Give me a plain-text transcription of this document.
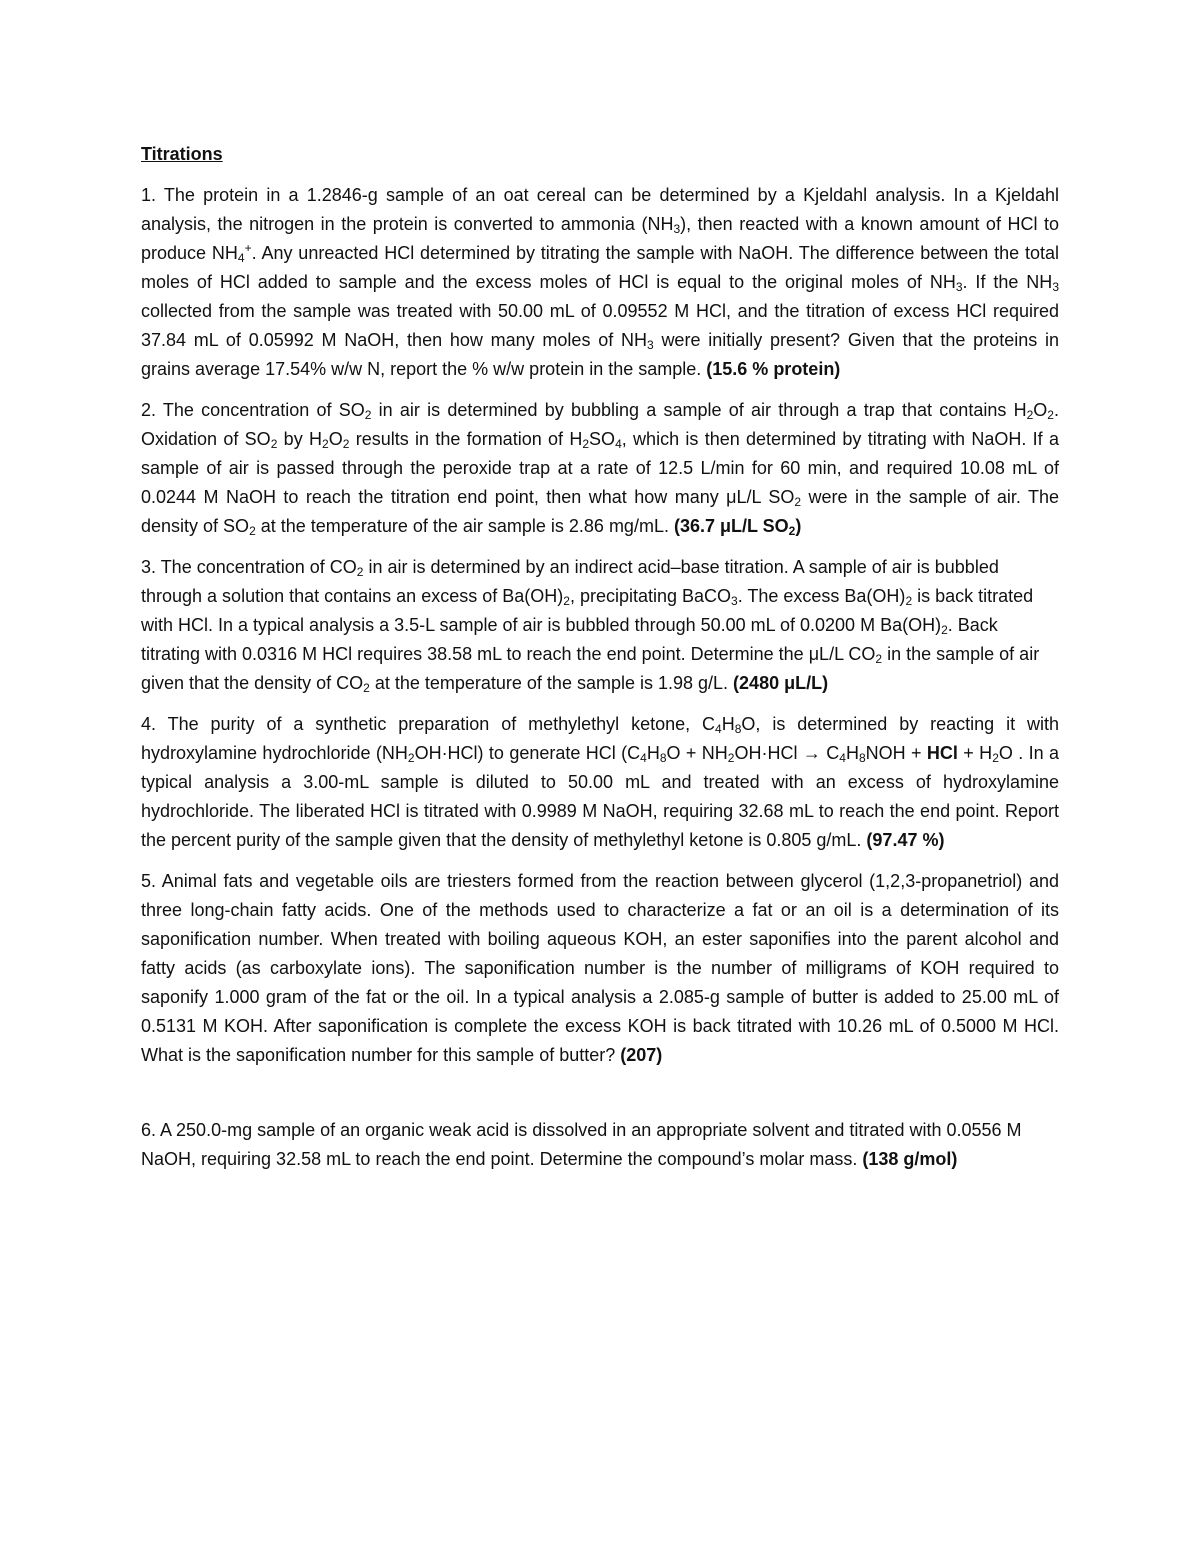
Titrations

1. The protein in a 1.2846-g sample of an oat cereal can be determined by a Kjeldahl analysis. In a Kjeldahl analysis, the nitrogen in the protein is converted to ammonia $(NH_3)$, then reacted with a known amount of HCl to produce $NH_4^+$. Any unreacted HCl determined by titrating the sample with NaOH. The difference between the total moles of HCl added to sample and the excess moles of HCl is equal to the original moles of $NH_3$. If the $NH_3$ collected from the sample was treated with 50.00 mL of 0.09552 M HCl, and the titration of excess HCl required 37.84 mL of 0.05992 M NaOH, then how many moles of $NH_3$ were initially present? Given that the proteins in grains average 17.54% w/w N, report the % w/w protein in the sample. (15.6 % protein)

2. The concentration of $SO_2$ in air is determined by bubbling a sample of air through a trap that contains $H_2O_2$. Oxidation of $SO_2$ by $H_2O_2$ results in the formation of $H_2SO_4$, which is then determined by titrating with NaOH. If a sample of air is passed through the peroxide trap at a rate of 12.5 L/min for 60 min, and required 10.08 mL of 0.0244 M NaOH to reach the titration end point, then what how many μL/L $SO_2$ were in the sample of air. The density of $SO_2$ at the temperature of the air sample is 2.86 mg/mL. (36.7 μL/L $SO_2$)

3. The concentration of $CO_2$ in air is determined by an indirect acid–base titration. A sample of air is bubbled through a solution that contains an excess of $Ba(OH)_2$, precipitating BaCO$_3$. The excess $Ba(OH)_2$ is back titrated with HCl. In a typical analysis a 3.5-L sample of air is bubbled through 50.00 mL of 0.0200 M $Ba(OH)_2$. Back titrating with 0.0316 M HCl requires 38.58 mL to reach the end point. Determine the μL/L $CO_2$ in the sample of air given that the density of $CO_2$ at the temperature of the sample is 1.98 g/L. (2480 μL/L)

4. The purity of a synthetic preparation of methylethyl ketone, $C_4H_8O$, is determined by reacting it with hydroxylamine hydrochloride $(NH_2OH\cdot HCl)$ to generate HCl ($C_4H_8O + NH_2OH\cdot HCl \to C_4H_8NOH$ + HCl + $H_2O$ . In a typical analysis a 3.00-mL sample is diluted to 50.00 mL and treated with an excess of hydroxylamine hydrochloride. The liberated HCl is titrated with 0.9989 M NaOH, requiring 32.68 mL to reach the end point. Report the percent purity of the sample given that the density of methylethyl ketone is 0.805 g/mL. (97.47 %)

5. Animal fats and vegetable oils are triesters formed from the reaction between glycerol (1,2,3-propanetriol) and three long-chain fatty acids. One of the methods used to characterize a fat or an oil is a determination of its saponification number. When treated with boiling aqueous KOH, an ester saponifies into the parent alcohol and fatty acids (as carboxylate ions). The saponification number is the number of milligrams of KOH required to saponify 1.000 gram of the fat or the oil. In a typical analysis a 2.085-g sample of butter is added to 25.00 mL of 0.5131 M KOH. After saponification is complete the excess KOH is back titrated with 10.26 mL of 0.5000 M HCl. What is the saponification number for this sample of butter? (207)

6. A 250.0-mg sample of an organic weak acid is dissolved in an appropriate solvent and titrated with 0.0556 M NaOH, requiring 32.58 mL to reach the end point. Determine the compound’s molar mass. (138 g/mol)
